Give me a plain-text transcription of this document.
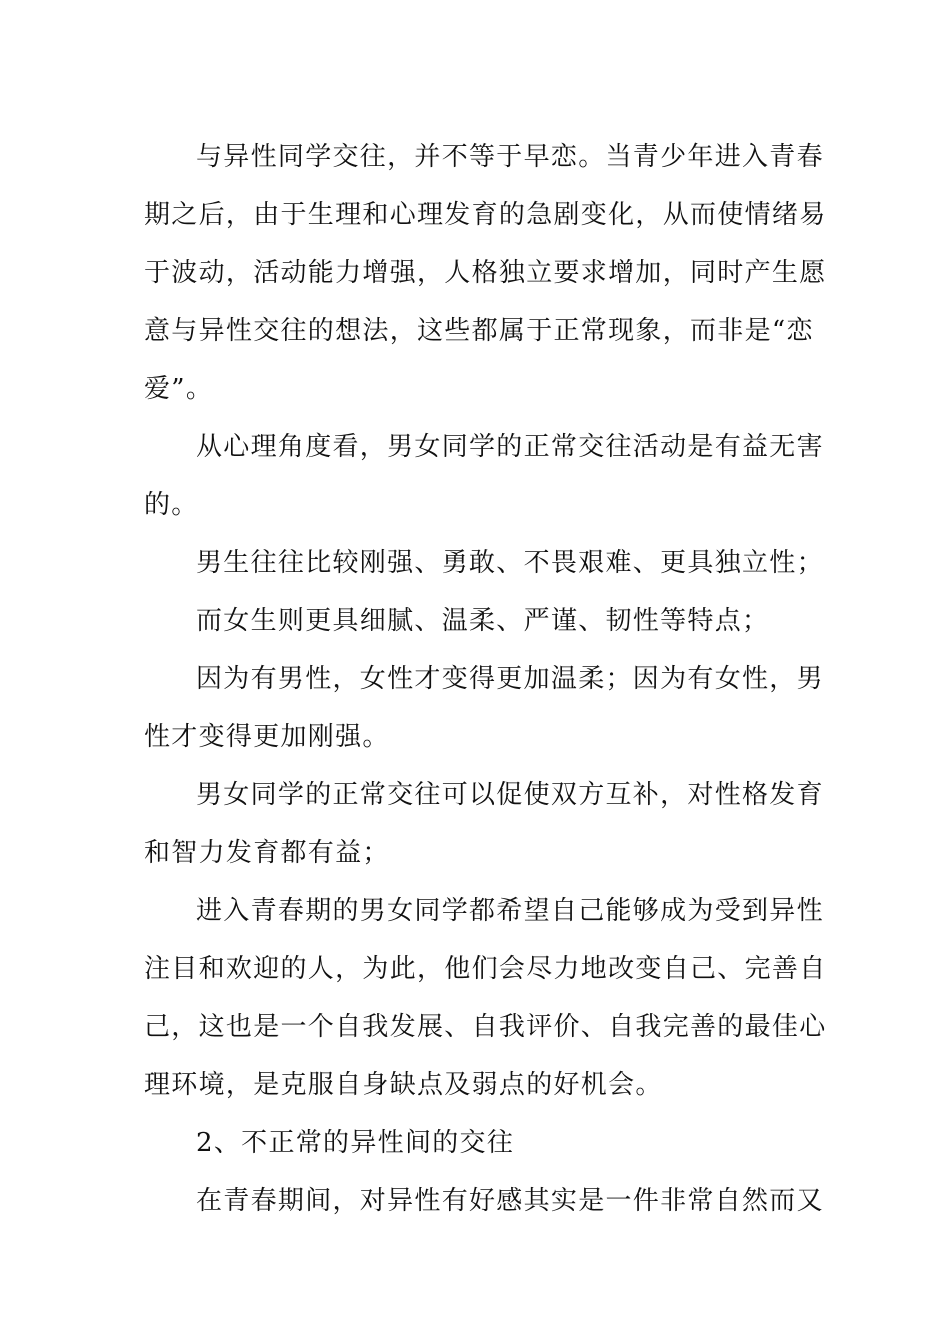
与异性同学交往，并不等于早恋。当青少年进入青春
期之后，由于生理和心理发育的急剧变化，从而使情绪易
于波动，活动能力增强，人格独立要求增加，同时产生愿
意与异性交往的想法，这些都属于正常现象，而非是“恋
爱”。

从心理角度看，男女同学的正常交往活动是有益无害
的。

男生往往比较刚强、勇敢、不畏艰难、更具独立性；

而女生则更具细腻、温柔、严谨、韧性等特点；

因为有男性，女性才变得更加温柔；因为有女性，男
性才变得更加刚强。

男女同学的正常交往可以促使双方互补，对性格发育
和智力发育都有益；

进入青春期的男女同学都希望自己能够成为受到异性
注目和欢迎的人，为此，他们会尽力地改变自己、完善自
己，这也是一个自我发展、自我评价、自我完善的最佳心
理环境，是克服自身缺点及弱点的好机会。

2、不正常的异性间的交往

在青春期间，对异性有好感其实是一件非常自然而又
